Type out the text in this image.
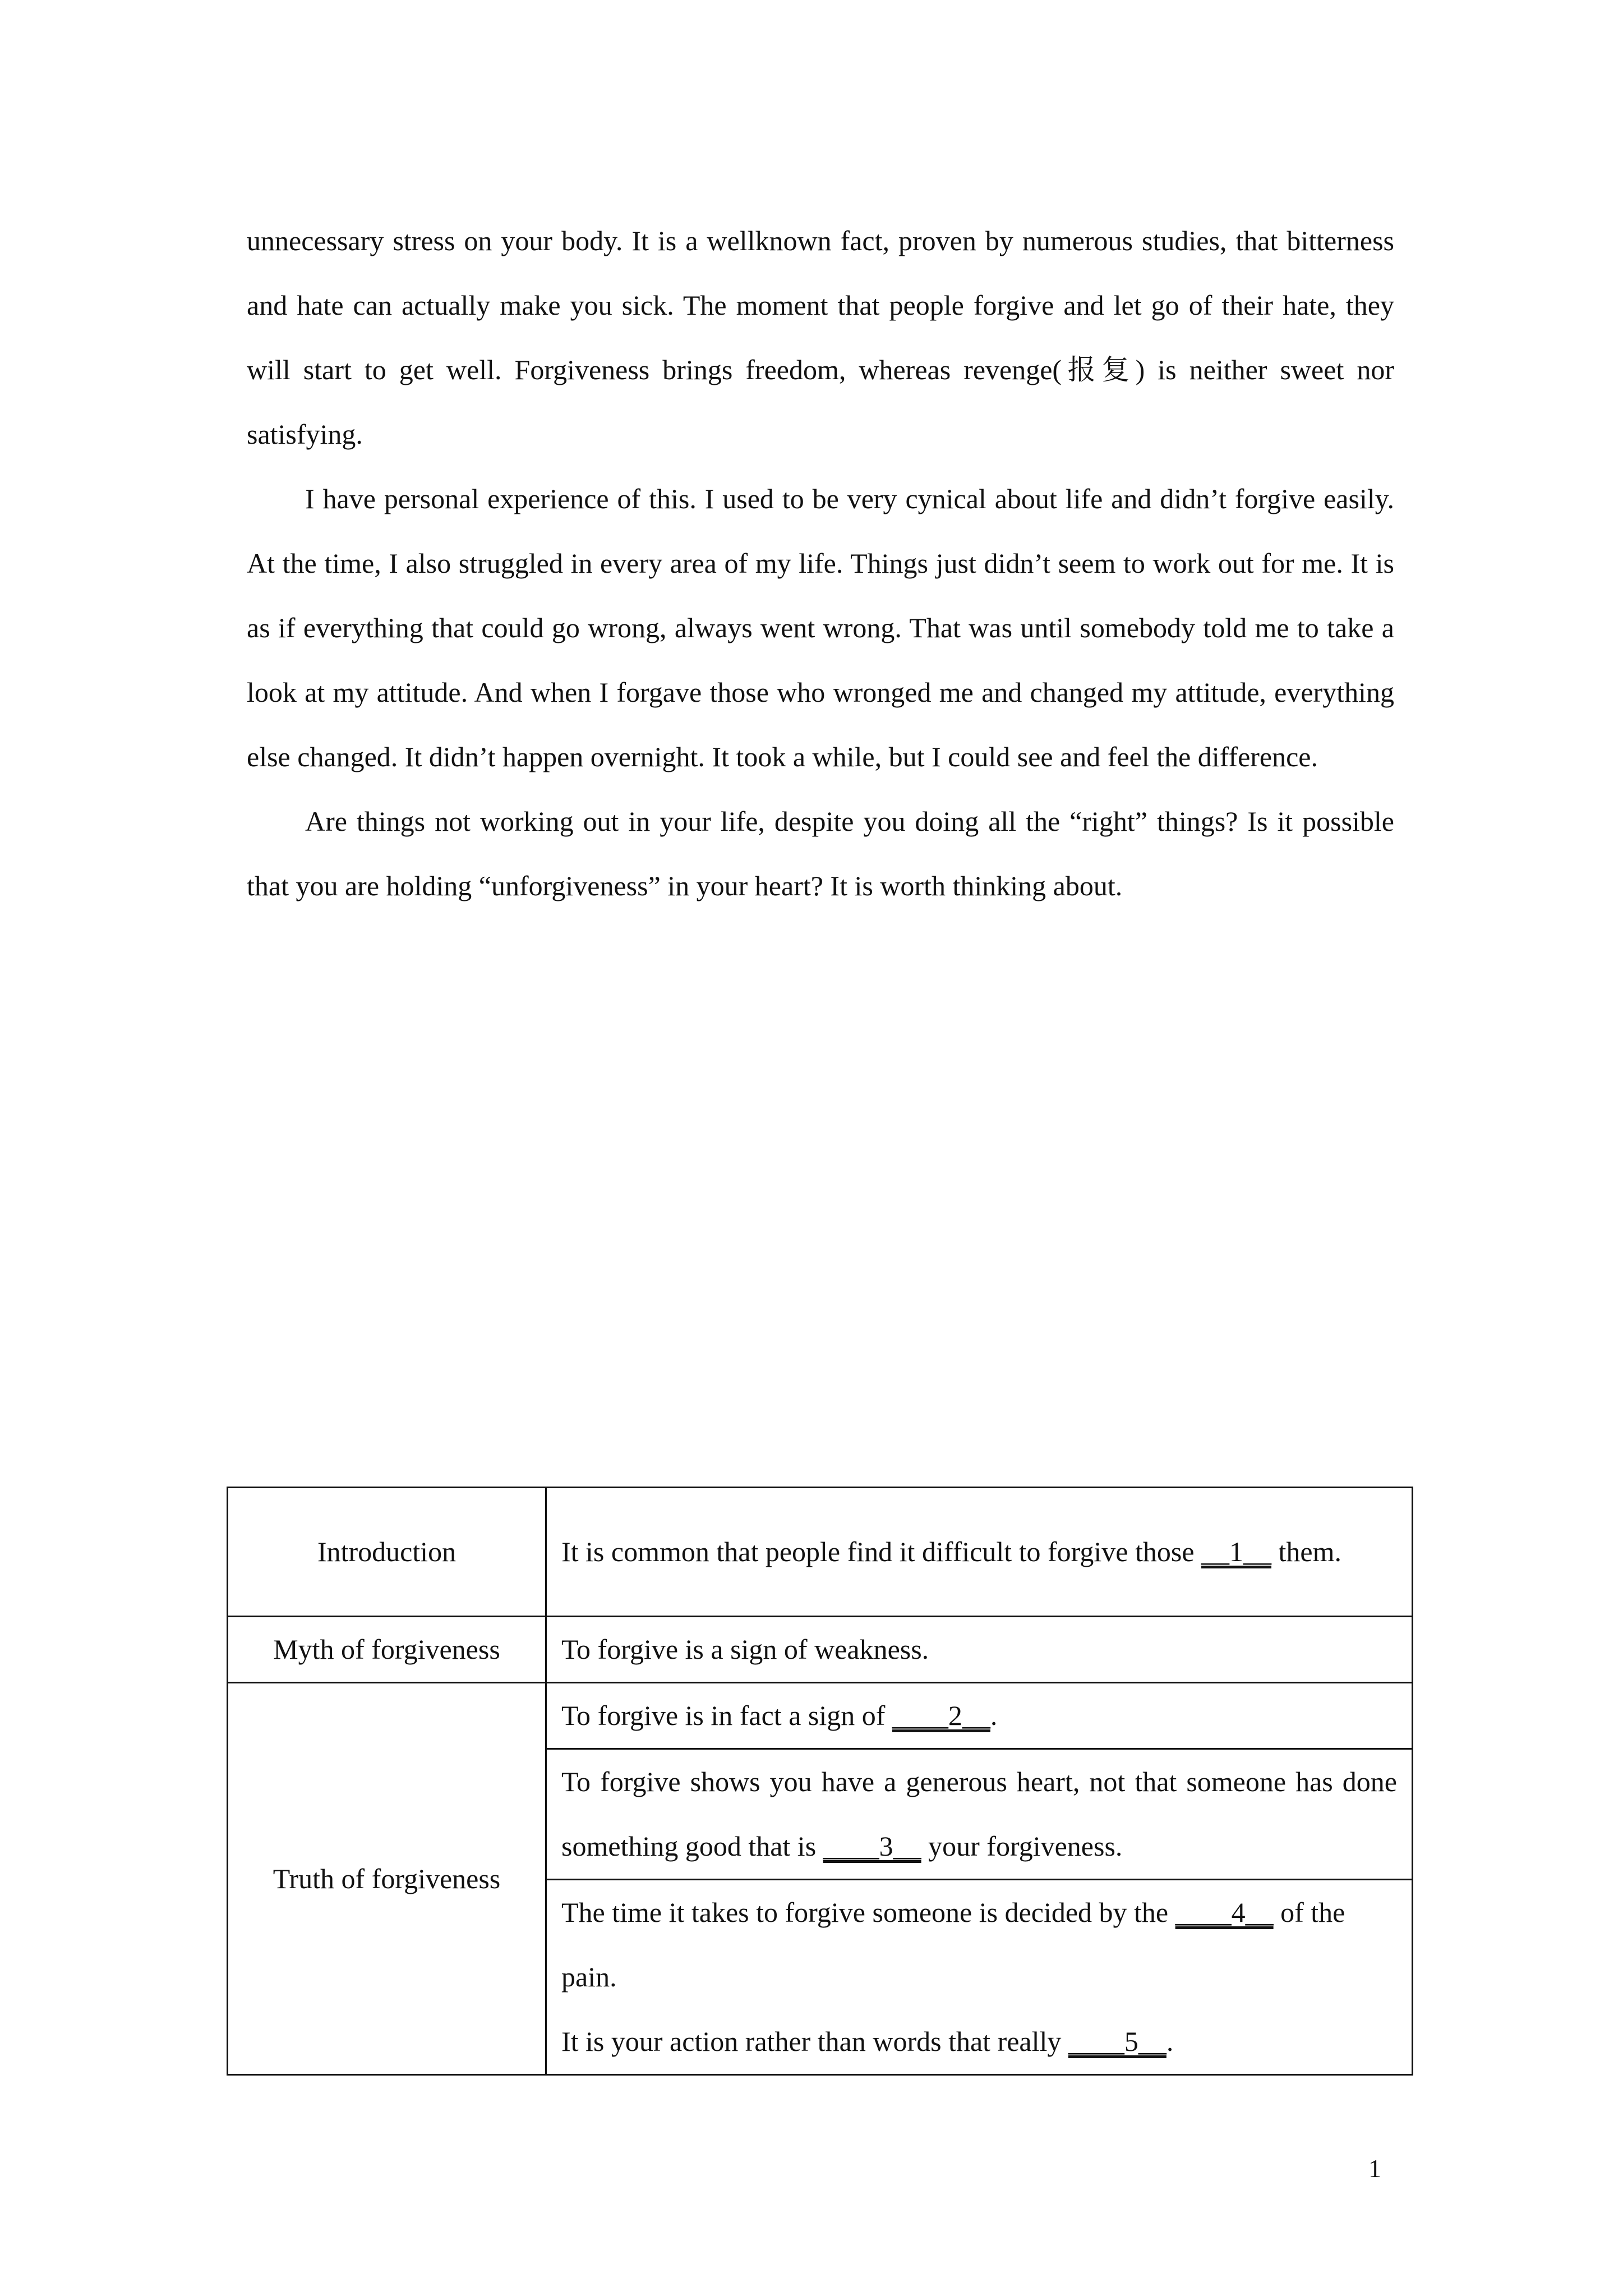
unnecessary stress on your body. It is a wellknown fact, proven by numerous studies, that bitterness and hate can actually make you sick. The moment that people forgive and let go of their hate, they will start to get well. Forgiveness brings freedom, whereas revenge(报复) is neither sweet nor satisfying.

I have personal experience of this. I used to be very cynical about life and didn’t forgive easily. At the time, I also struggled in every area of my life. Things just didn’t seem to work out for me. It is as if everything that could go wrong, always went wrong. That was until somebody told me to take a look at my attitude. And when I forgave those who wronged me and changed my attitude, everything else changed. It didn’t happen overnight. It took a while, but I could see and feel the difference.

Are things not working out in your life, despite you doing all the “right” things? Is it possible that you are holding “unforgiveness” in your heart? It is worth thinking about.

Introduction	It is common that people find it difficult to forgive those __1__ them.
Myth of forgiveness	To forgive is a sign of weakness.
Truth of forgiveness	To forgive is in fact a sign of ____2__.
	To forgive shows you have a generous heart, not that someone has done something good that is ____3__ your forgiveness.

	The time it takes to forgive someone is decided by the ____4__ of the pain.
It is your action rather than words that really ____5__.
1
